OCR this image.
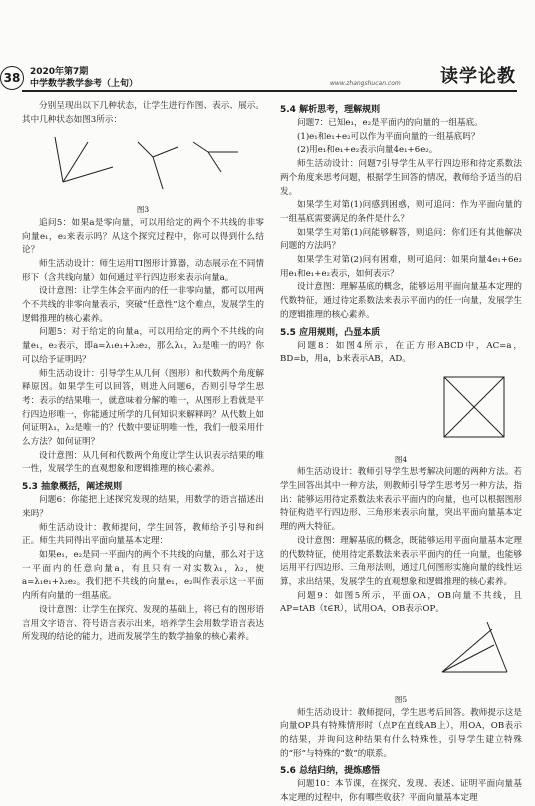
38	2020年第7期
中学数学教学参考（上旬）	www.zhangshucan.com 读学论教

分别呈现出以下几种状态，让学生进行作图、表示、展示。其中几种状态如图3所示：

图3

追问5：如果a是零向量，可以用给定的两个不共线的非零向量e₁，e₂来表示吗？从这个探究过程中，你可以得到什么结论？

师生活动设计：师生运用TI图形计算器，动态展示在不同情形下（含共线向量）如何通过平行四边形来表示向量a。

设计意图：让学生体会平面内的任一非零向量，都可以用两个不共线的非零向量表示，突破“任意性”这个难点，发展学生的逻辑推理的核心素养。

问题5：对于给定的向量a，可以用给定的两个不共线的向量e₁，e₂表示，即a=λ₁e₁+λ₂e₂，那么λ₁，λ₂是唯一的吗？你可以给予证明吗？

师生活动设计：引导学生从几何（图形）和代数两个角度解释原因。如果学生可以回答，则进入问题6，否则引导学生思考：表示的结果唯一，就意味着分解的唯一，从图形上看就是平行四边形唯一，你能通过所学的几何知识来解释吗？从代数上如何证明λ₁，λ₂是唯一的？代数中要证明唯一性，我们一般采用什么方法？如何证明？

设计意图：从几何和代数两个角度让学生认识表示结果的唯一性，发展学生的直观想象和逻辑推理的核心素养。

5.3 抽象概括，阐述规则

问题6：你能把上述探究发现的结果，用数学的语言描述出来吗？

师生活动设计：教师提问，学生回答，教师给予引导和纠正。师生共同得出平面向量基本定理：

如果e₁，e₂是同一平面内的两个不共线的向量，那么对于这一平面内的任意向量a，有且只有一对实数λ₁，λ₂，使a=λ₁e₁+λ₂e₂。我们把不共线的向量e₁，e₂叫作表示这一平面内所有向量的一组基底。

设计意图：让学生在探究、发现的基础上，将已有的图形语言用文字语言、符号语言表示出来，培养学生会用数学语言表达所发现的结论的能力，进而发展学生的数学抽象的核心素养。

5.4 解析思考，理解规则

问题7：已知e₁，e₂是平面内的向量的一组基底。

(1)e₁和e₁+e₂可以作为平面向量的一组基底吗？

(2)用e₁和e₁+e₂表示向量4e₁+6e₂。

师生活动设计：问题7引导学生从平行四边形和待定系数法两个角度来思考问题，根据学生回答的情况，教师给予适当的启发。

如果学生对第(1)问感到困惑，则可追问：作为平面向量的一组基底需要满足的条件是什么？

如果学生对第(1)问能够解答，则追问：你们还有其他解决问题的方法吗？

如果学生对第(2)问有困难，则可追问：如果向量4e₁+6e₂用e₁和e₁+e₂表示，如何表示？

设计意图：理解基底的概念，能够运用平面向量基本定理的代数特征，通过待定系数法来表示平面内的任一向量，发展学生的逻辑推理的核心素养。

5.5 应用规则，凸显本质

问题8：如图4所示，在正方形ABCD中，AC=a，BD=b，用a，b来表示AB，AD。

图4

师生活动设计：教师引导学生思考解决问题的两种方法。若学生回答出其中一种方法，则教师引导学生思考另一种方法，指出：能够运用待定系数法来表示平面内的向量，也可以根据图形特征构造平行四边形、三角形来表示向量，突出平面向量基本定理的两大特征。

设计意图：理解基底的概念，既能够运用平面向量基本定理的代数特征，使用待定系数法来表示平面内的任一向量，也能够运用平行四边形、三角形法则，通过几何图形实施向量的线性运算，求出结果，发展学生的直观想象和逻辑推理的核心素养。

问题9：如图5所示，平面OA，OB向量不共线，且AP=tAB（t∈R），试用OA，OB表示OP。

图5

师生活动设计：教师提问，学生思考后回答。教师提示这是向量OP具有特殊情形时（点P在直线AB上），用OA，OB表示的结果，并询问这种结果有什么特殊性，引导学生建立特殊的“形”与特殊的“数”的联系。

5.6 总结归纳，提炼感悟

问题10：本节课，在探究、发现、表述、证明平面向量基本定理的过程中，你有哪些收获？平面向量基本定理
